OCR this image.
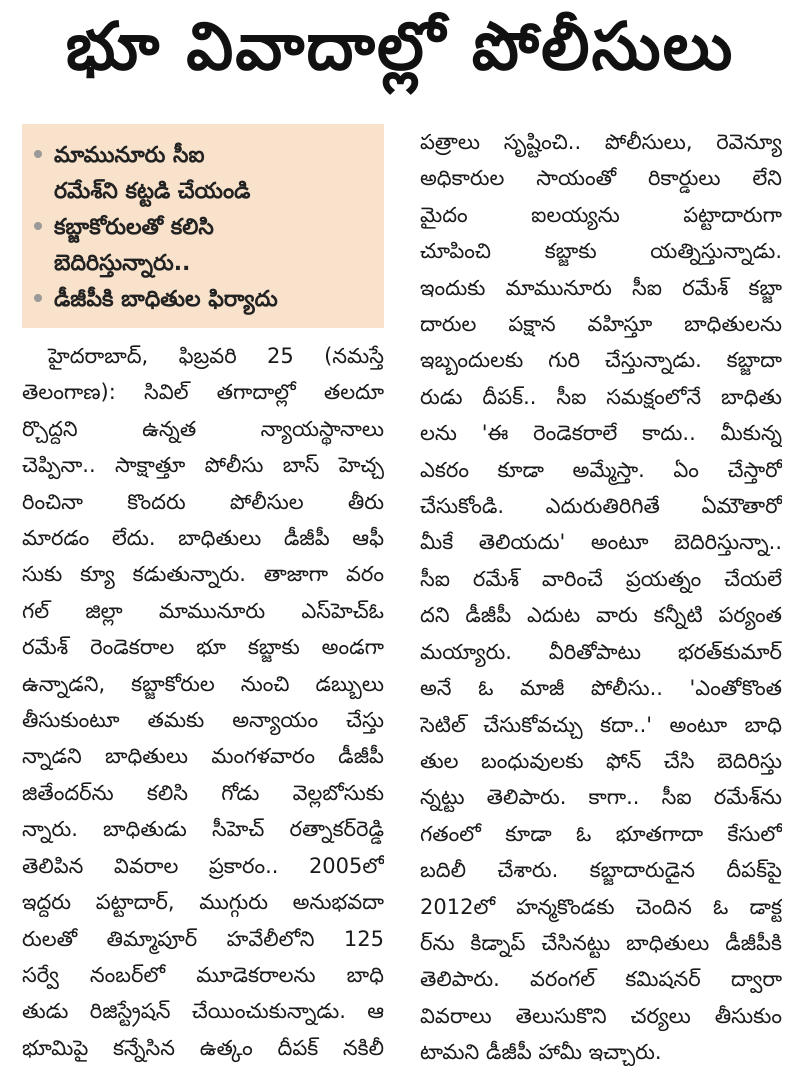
భూ వివాదాల్లో పోలీసులు
మామునూరు సీఐ
రమేశ్‌ని కట్టడి చేయండి
కబ్జాకోరులతో కలిసి
బెదిరిస్తున్నారు..
డీజీపీకి బాధితుల ఫిర్యాదు
హైదరాబాద్, ఫిబ్రవరి 25 (నమస్తే
తెలంగాణ): సివిల్ తగాదాల్లో తలదూ
ర్చొద్దని ఉన్నత న్యాయస్థానాలు
చెప్పినా.. సాక్షాత్తూ పోలీసు బాస్ హెచ్చ
రించినా కొందరు పోలీసుల తీరు
మారడం లేదు. బాధితులు డీజీపీ ఆఫీ
సుకు క్యూ కడుతున్నారు. తాజాగా వరం
గల్ జిల్లా మామునూరు ఎస్‌హెచ్‌ఓ
రమేశ్ రెండెకరాల భూ కబ్జాకు అండగా
ఉన్నాడని, కబ్జాకోరుల నుంచి డబ్బులు
తీసుకుంటూ తమకు అన్యాయం చేస్తు
న్నాడని బాధితులు మంగళవారం డీజీపీ
జితేందర్‌ను కలిసి గోడు వెల్లబోసుకు
న్నారు. బాధితుడు సీహెచ్ రత్నాకర్‌రెడ్డి
తెలిపిన వివరాల ప్రకారం.. 2005లో
ఇద్దరు పట్టాదార్, ముగ్గురు అనుభవదా
రులతో తిమ్మాపూర్ హవేలీలోని 125
సర్వే నంబర్‌లో మూడెకరాలను బాధి
తుడు రిజిస్ట్రేషన్ చేయించుకున్నాడు. ఆ
భూమిపై కన్నేసిన ఉత్కం దీపక్ నకిలీ
పత్రాలు సృష్టించి.. పోలీసులు, రెవెన్యూ
అధికారుల సాయంతో రికార్డులు లేని
మైదం ఐలయ్యను పట్టాదారుగా
చూపించి కబ్జాకు యత్నిస్తున్నాడు.
ఇందుకు మామునూరు సీఐ రమేశ్ కబ్జా
దారుల పక్షాన వహిస్తూ బాధితులను
ఇబ్బందులకు గురి చేస్తున్నాడు. కబ్జాదా
రుడు దీపక్.. సీఐ సమక్షంలోనే బాధితు
లను 'ఈ రెండెకరాలే కాదు.. మీకున్న
ఎకరం కూడా అమ్మేస్తా. ఏం చేస్తారో
చేసుకోండి. ఎదురుతిరిగితే ఏమౌతారో
మీకే తెలియదు' అంటూ బెదిరిస్తున్నా..
సీఐ రమేశ్ వారించే ప్రయత్నం చేయలే
దని డీజీపీ ఎదుట వారు కన్నీటి పర్యంత
మయ్యారు. వీరితోపాటు భరత్‌కుమార్
అనే ఓ మాజీ పోలీసు.. 'ఎంతోకొంత
సెటిల్ చేసుకోవచ్చు కదా..' అంటూ బాధి
తుల బంధువులకు ఫోన్ చేసి బెదిరిస్తు
న్నట్టు తెలిపారు. కాగా.. సీఐ రమేశ్‌ను
గతంలో కూడా ఓ భూతగాదా కేసులో
బదిలీ చేశారు. కబ్జాదారుడైన దీపక్‌పై
2012లో హన్మకొండకు చెందిన ఓ డాక్ట
ర్‌ను కిడ్నాప్ చేసినట్టు బాధితులు డీజీపీకి
తెలిపారు. వరంగల్ కమిషనర్ ద్వారా
వివరాలు తెలుసుకొని చర్యలు తీసుకుం
టామని డీజీపీ హామీ ఇచ్చారు.
